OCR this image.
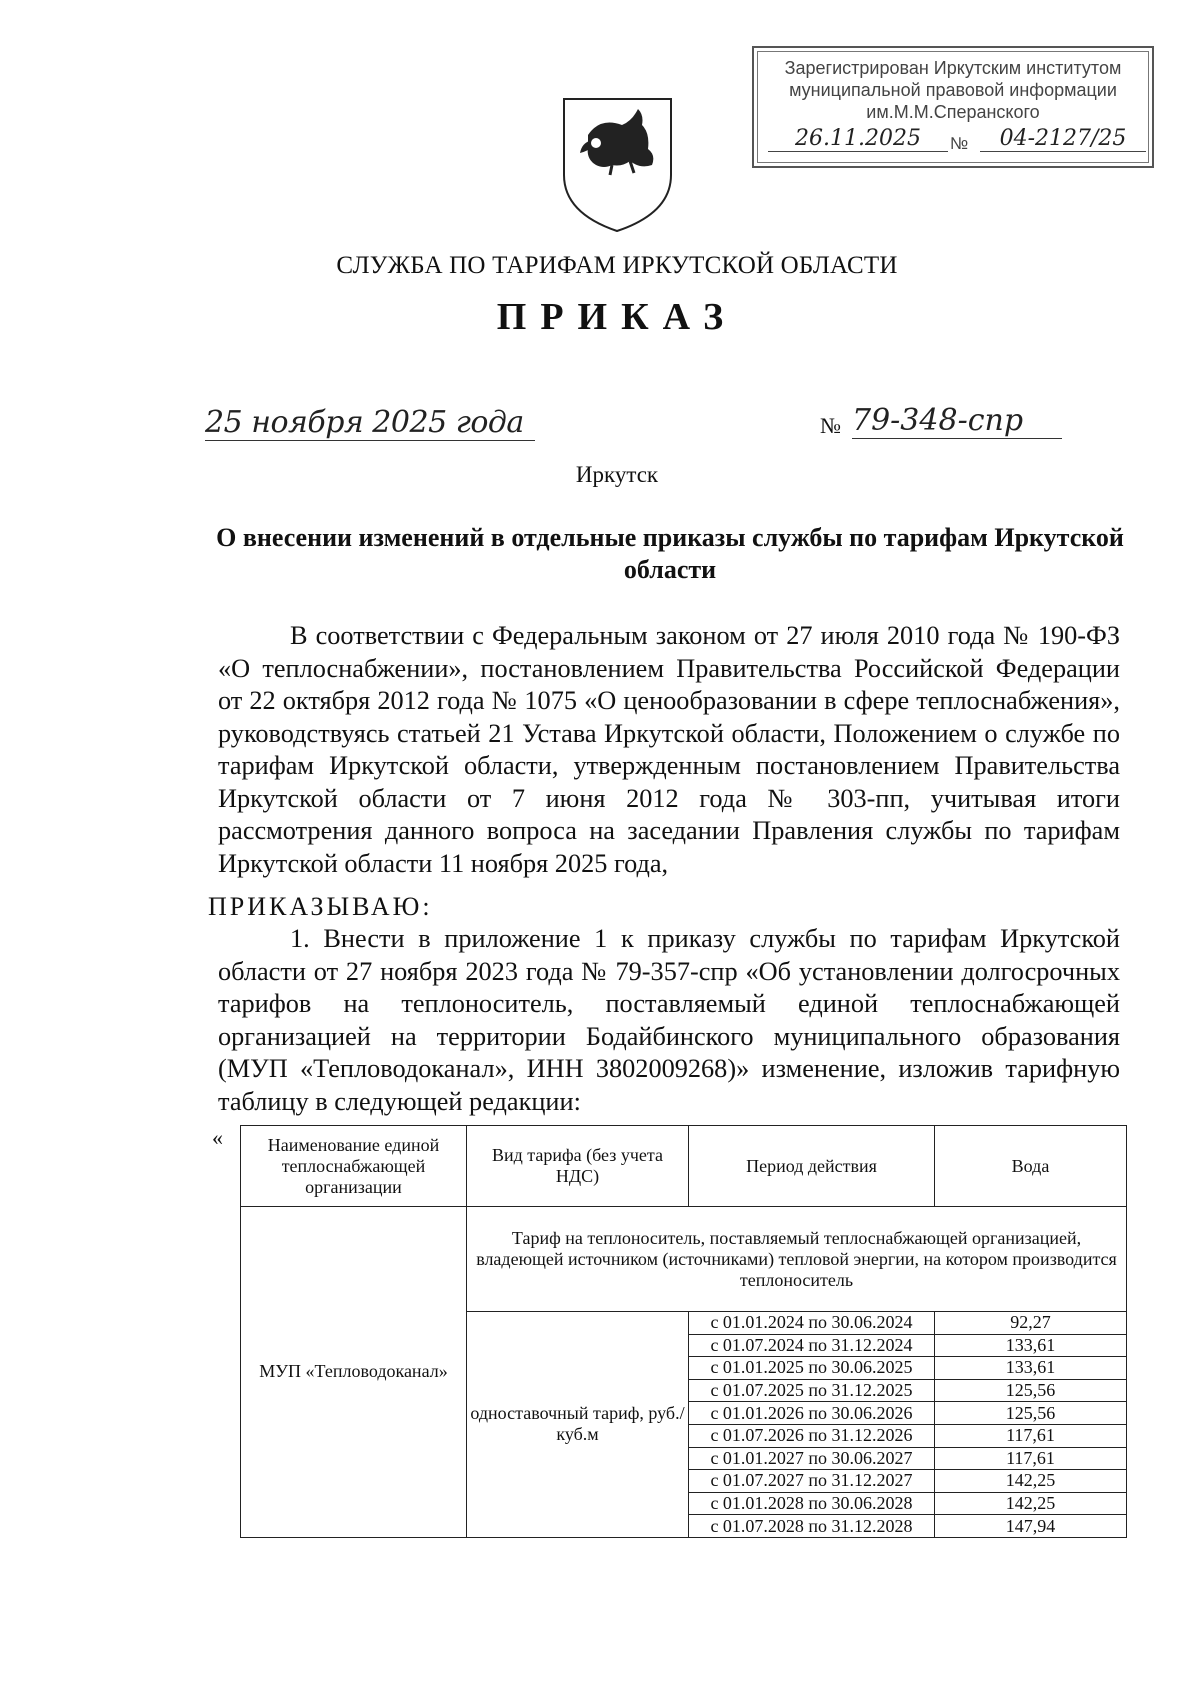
Зарегистрирован Иркутским институтом
муниципальной правовой информации
им.М.М.Сперанского
26.11.2025	№	04-2127/25
СЛУЖБА ПО ТАРИФАМ ИРКУТСКОЙ ОБЛАСТИ
ПРИКАЗ
25 ноября 2025 года	№ 79-348-спр
Иркутск
О внесении изменений в отдельные приказы службы по тарифам Иркутской области
В соответствии с Федеральным законом от 27 июля 2010 года № 190-ФЗ «О теплоснабжении», постановлением Правительства Российской Федерации от 22 октября 2012 года № 1075 «О ценообразовании в сфере теплоснабжения», руководствуясь статьей 21 Устава Иркутской области, Положением о службе по тарифам Иркутской области, утвержденным постановлением Правительства Иркутской области от 7 июня 2012 года № 303-пп, учитывая итоги рассмотрения данного вопроса на заседании Правления службы по тарифам Иркутской области 11 ноября 2025 года,
ПРИКАЗЫВАЮ:
1. Внести в приложение 1 к приказу службы по тарифам Иркутской области от 27 ноября 2023 года № 79-357-спр «Об установлении долгосрочных тарифов на теплоноситель, поставляемый единой теплоснабжающей организацией на территории Бодайбинского муниципального образования (МУП «Тепловодоканал», ИНН 3802009268)» изменение, изложив тарифную таблицу в следующей редакции:
« Наименование единой теплоснабжающей организации	Вид тарифа (без учета НДС)	Период действия	Вода
МУП «Тепловодоканал»	Тариф на теплоноситель, поставляемый теплоснабжающей организацией, владеющей источником (источниками) тепловой энергии, на котором производится теплоноситель		
	одноставочный тариф, руб./куб.м	с 01.01.2024 по 30.06.2024	92,27
		с 01.07.2024 по 31.12.2024	133,61
		с 01.01.2025 по 30.06.2025	133,61
		с 01.07.2025 по 31.12.2025	125,56
		с 01.01.2026 по 30.06.2026	125,56
		с 01.07.2026 по 31.12.2026	117,61
		с 01.01.2027 по 30.06.2027	117,61
		с 01.07.2027 по 31.12.2027	142,25
		с 01.01.2028 по 30.06.2028	142,25
		с 01.07.2028 по 31.12.2028	147,94
